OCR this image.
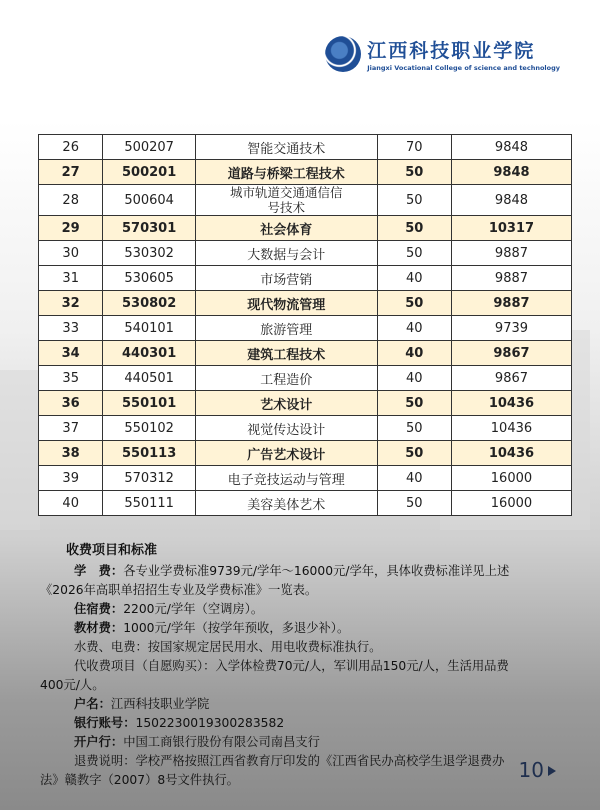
江西科技职业学院
Jiangxi Vocational College of science and technology
26	500207	智能交通技术	70	9848
27	500201	道路与桥梁工程技术	50	9848
28	500604	城市轨道交通通信信
号技术	50	9848
29	570301	社会体育	50	10317
30	530302	大数据与会计	50	9887
31	530605	市场营销	40	9887
32	530802	现代物流管理	50	9887
33	540101	旅游管理	40	9739
34	440301	建筑工程技术	40	9867
35	440501	工程造价	40	9867
36	550101	艺术设计	50	10436
37	550102	视觉传达设计	50	10436
38	550113	广告艺术设计	50	10436
39	570312	电子竞技运动与管理	40	16000
40	550111	美容美体艺术	50	16000
收费项目和标准

学　费：各专业学费标准9739元/学年～16000元/学年，具体收费标准详见上述

《2026年高职单招招生专业及学费标准》一览表。

住宿费：2200元/学年（空调房）。

教材费：1000元/学年（按学年预收，多退少补）。

水费、电费：按国家规定居民用水、用电收费标准执行。

代收费项目（自愿购买）：入学体检费70元/人，军训用品150元/人，生活用品费

400元/人。

户名：江西科技职业学院

银行账号：1502230019300283582

开户行：中国工商银行股份有限公司南昌支行

退费说明：学校严格按照江西省教育厅印发的《江西省民办高校学生退学退费办

法》赣教字（2007）8号文件执行。	10
